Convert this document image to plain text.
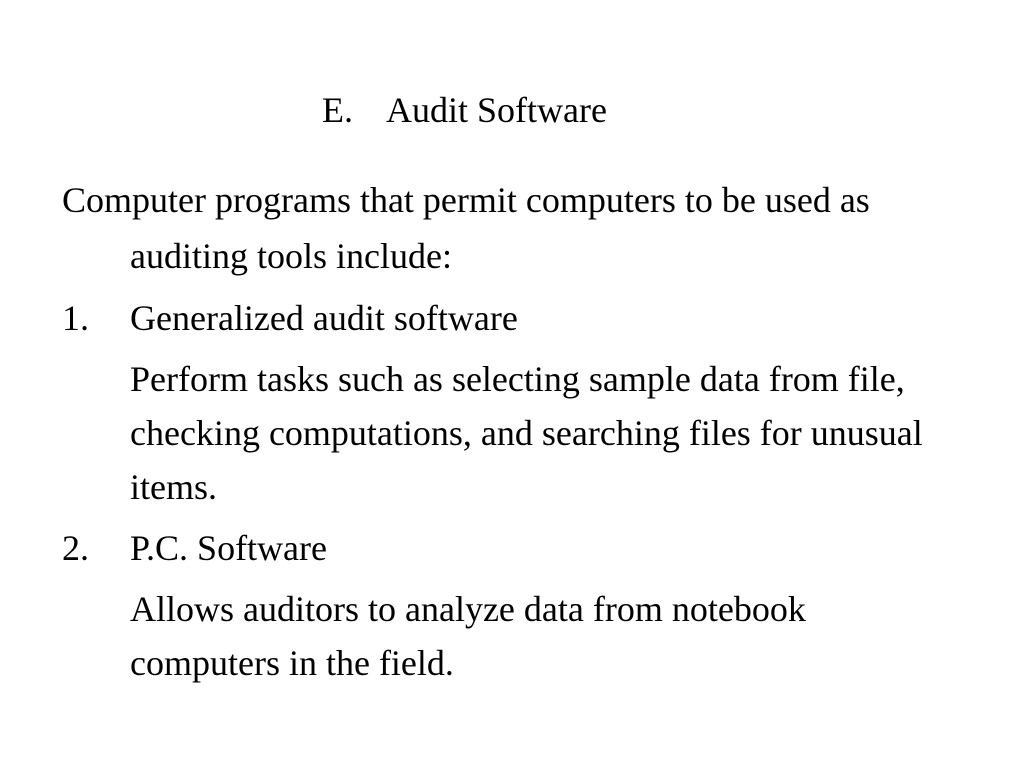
E. Audit Software

Computer programs that permit computers to be used as auditing tools include:

1. Generalized audit software

Perform tasks such as selecting sample data from file, checking computations, and searching files for unusual items.

2. P.C. Software

Allows auditors to analyze data from notebook computers in the field.
